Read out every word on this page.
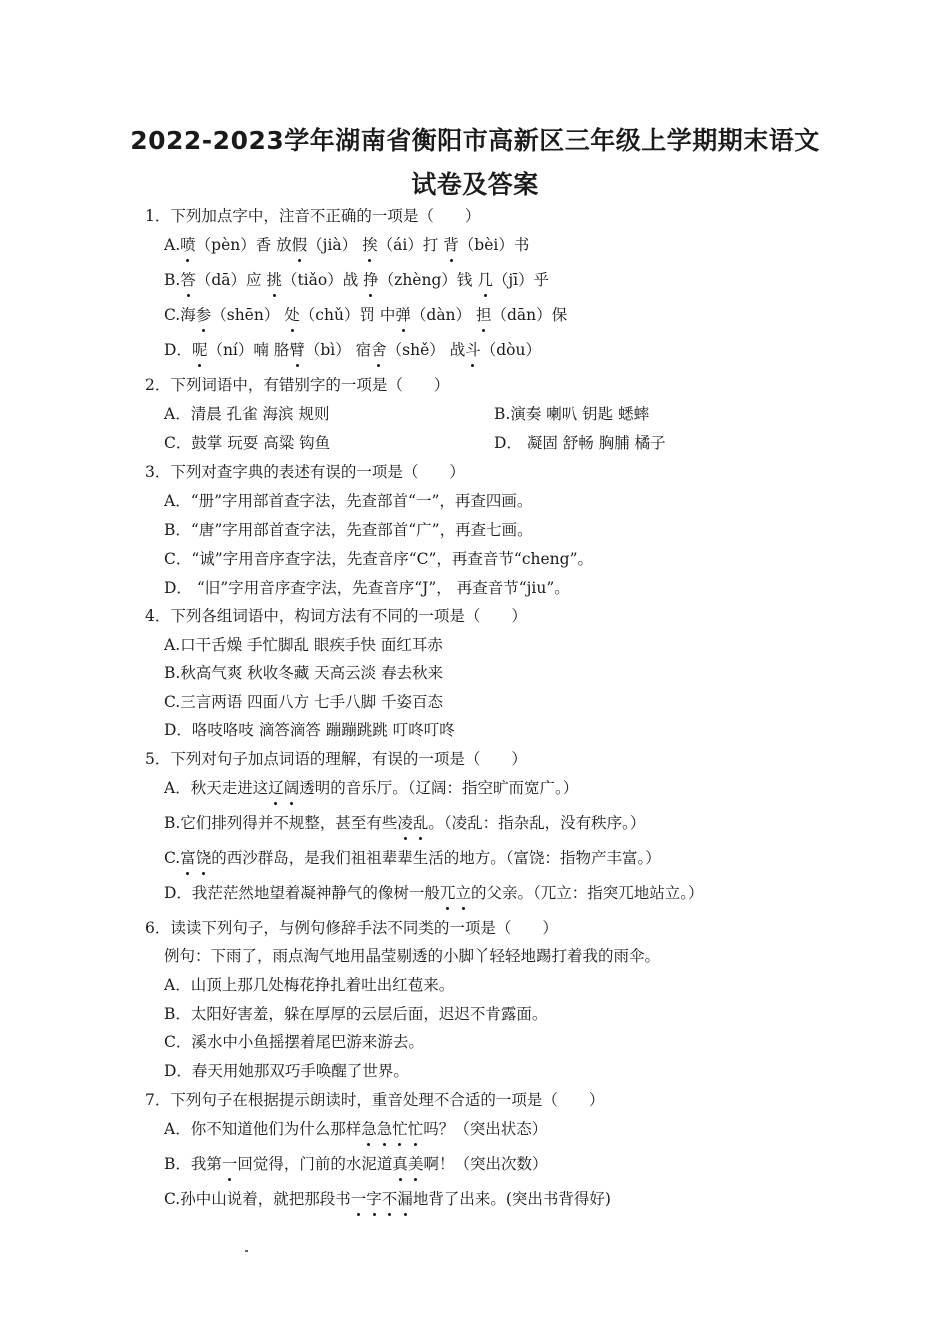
2022-2023学年湖南省衡阳市高新区三年级上学期期末语文
试卷及答案
1．下列加点字中，注音不正确的一项是（　　）
A.喷（pèn）香 放假（jià） 挨（ái）打 背（bèi）书
B.答（dā）应 挑（tiǎo）战 挣（zhèng）钱 几（jī）乎
C.海参（shēn） 处（chǔ）罚 中弹（dàn） 担（dān）保
D．呢（ní）喃 胳臂（bì） 宿舍（shě） 战斗（dòu）
2．下列词语中，有错别字的一项是（　　）
A．清晨 孔雀 海滨 规则	B.演奏 喇叭 钥匙 蟋蟀
C．鼓掌 玩耍 高粱 钩鱼	D． 凝固 舒畅 胸脯 橘子
3．下列对查字典的表述有误的一项是（　　）
A．“册”字用部首查字法，先查部首“一”，再查四画。
B．“唐”字用部首查字法，先查部首“广”，再查七画。
C．“诚”字用音序查字法，先查音序“C”，再查音节“cheng”。
D． “旧”字用音序查字法，先查音序“J”， 再查音节“jiu”。
4．下列各组词语中，构词方法有不同的一项是（　　）
A.口干舌燥 手忙脚乱 眼疾手快 面红耳赤
B.秋高气爽 秋收冬藏 天高云淡 春去秋来
C.三言两语 四面八方 七手八脚 千姿百态
D．咯吱咯吱 滴答滴答 蹦蹦跳跳 叮咚叮咚
5．下列对句子加点词语的理解，有误的一项是（　　）
A．秋天走进这辽阔透明的音乐厅。（辽阔：指空旷而宽广。）
B.它们排列得并不规整，甚至有些凌乱。（凌乱：指杂乱，没有秩序。）
C.富饶的西沙群岛，是我们祖祖辈辈生活的地方。（富饶：指物产丰富。）
D．我茫茫然地望着凝神静气的像树一般兀立的父亲。（兀立：指突兀地站立。）
6．读读下列句子，与例句修辞手法不同类的一项是（　　）
例句：下雨了，雨点淘气地用晶莹剔透的小脚丫轻轻地踢打着我的雨伞。
A．山顶上那几处梅花挣扎着吐出红苞来。
B．太阳好害羞，躲在厚厚的云层后面，迟迟不肯露面。
C．溪水中小鱼摇摆着尾巴游来游去。
D．春天用她那双巧手唤醒了世界。
7．下列句子在根据提示朗读时，重音处理不合适的一项是（　　）
A．你不知道他们为什么那样急急忙忙吗？（突出状态）
B．我第一回觉得，门前的水泥道真美啊！（突出次数）
C.孙中山说着，就把那段书一字不漏地背了出来。(突出书背得好)
